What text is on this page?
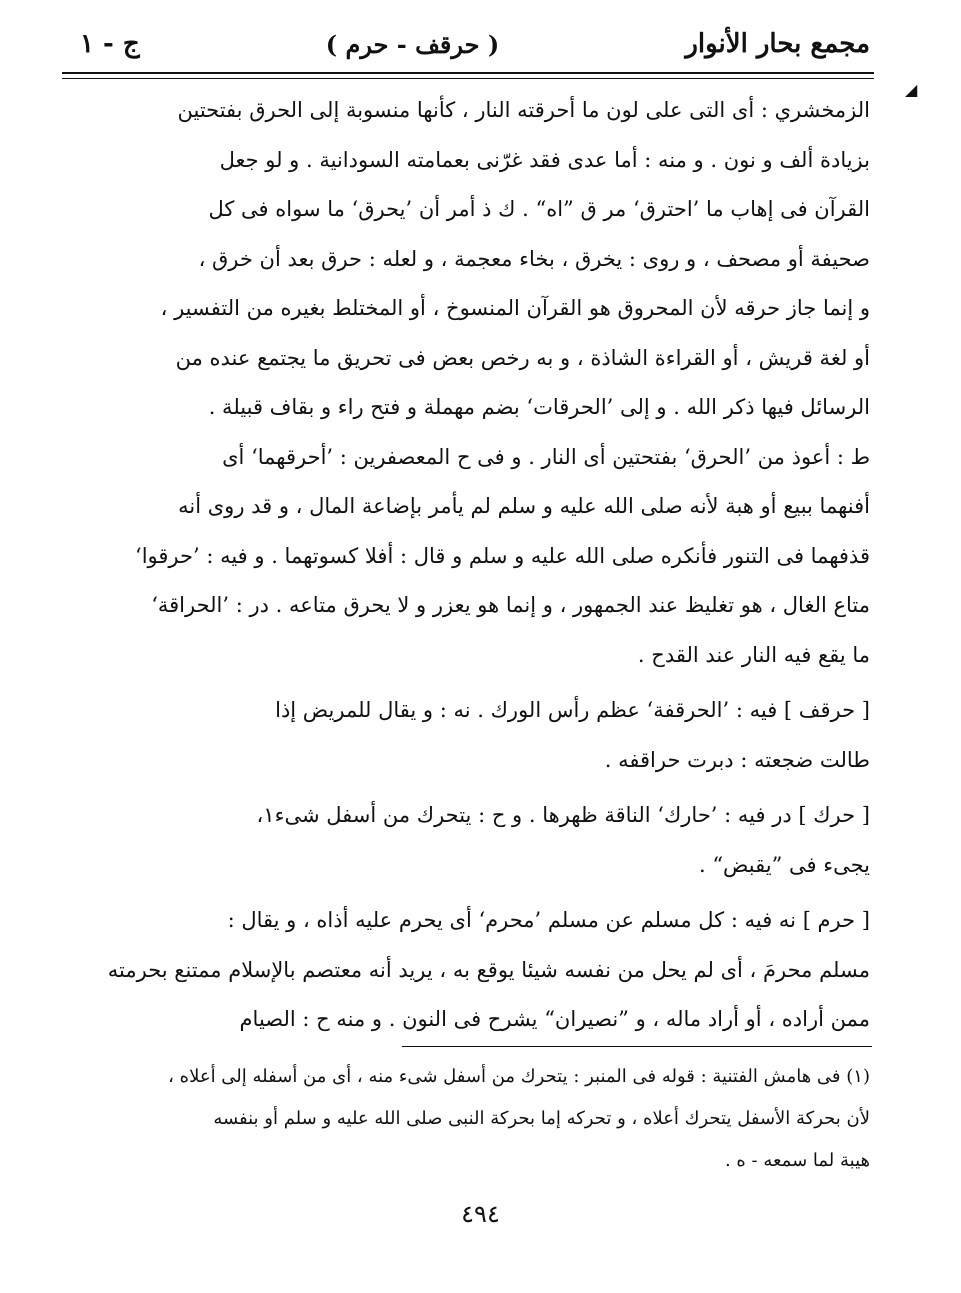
مجمع بحار الأنوار
( حرقف - حرم )
ج - ١
◢
الزمخشري : أى التى على لون ما أحرقته النار ، كأنها منسوبة إلى الحرق بفتحتين
بزيادة ألف و نون . و منه : أما عدى فقد غرّنى بعمامته السودانية . و لو جعل
القرآن فى إهاب ما ’احترق‘ مر ق ”اه“ . ك ذ أمر أن ’يحرق‘ ما سواه فى كل
صحيفة أو مصحف ، و روى : يخرق ، بخاء معجمة ، و لعله : حرق بعد أن خرق ،
و إنما جاز حرقه لأن المحروق هو القرآن المنسوخ ، أو المختلط بغيره من التفسير ،
أو لغة قريش ، أو القراءة الشاذة ، و به رخص بعض فى تحريق ما يجتمع عنده من
الرسائل فيها ذكر الله . و إلى ’الحرقات‘ بضم مهملة و فتح راء و بقاف قبيلة .
ط : أعوذ من ’الحرق‘ بفتحتين أى النار . و فى ح المعصفرين : ’أحرقهما‘ أى
أفنهما ببيع أو هبة لأنه صلى الله عليه و سلم لم يأمر بإضاعة المال ، و قد روى أنه
قذفهما فى التنور فأنكره صلى الله عليه و سلم و قال : أفلا كسوتهما . و فيه : ’حرقوا‘
متاع الغال ، هو تغليظ عند الجمهور ، و إنما هو يعزر و لا يحرق متاعه . در : ’الحراقة‘
ما يقع فيه النار عند القدح .
[ حرقف ] فيه : ’الحرقفة‘ عظم رأس الورك . نه : و يقال للمريض إذا
طالت ضجعته : دبرت حراقفه .
[ حرك ] در فيه : ’حارك‘ الناقة ظهرها . و ح : يتحرك من أسفل شىء١،
يجىء فى ”يقبض“ .
[ حرم ] نه فيه : كل مسلم عن مسلم ’محرم‘ أى يحرم عليه أذاه ، و يقال :
مسلم محرمَ ، أى لم يحل من نفسه شيئا يوقع به ، يريد أنه معتصم بالإسلام ممتنع بحرمته
ممن أراده ، أو أراد ماله ، و ”نصيران“ يشرح فى النون . و منه ح : الصيام
(١) فى هامش الفتنية : قوله فى المنبر : يتحرك من أسفل شىء منه ، أى من أسفله إلى أعلاه ،
لأن بحركة الأسفل يتحرك أعلاه ، و تحركه إما بحركة النبى صلى الله عليه و سلم أو بنفسه
هيبة لما سمعه - ه .
٤٩٤
